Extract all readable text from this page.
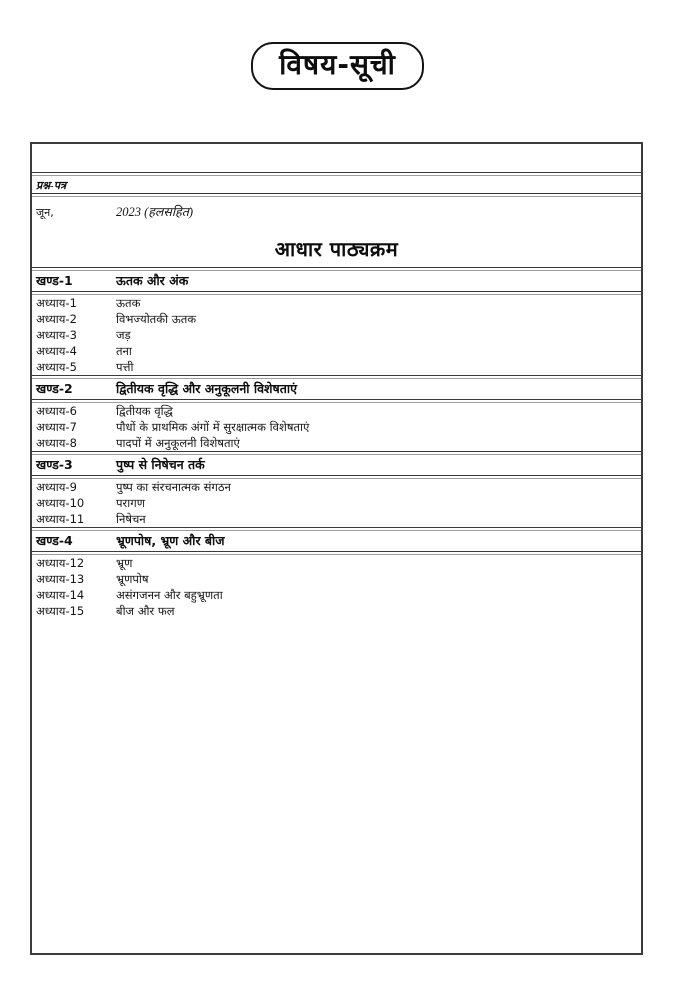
विषय-सूची
प्रश्न-पत्र
जून,	2023 (हलसहित)
आधार पाठ्यक्रम
खण्ड-1	ऊतक और अंक
अध्याय-1	ऊतक
अध्याय-2	विभज्योतकी ऊतक
अध्याय-3	जड़
अध्याय-4	तना
अध्याय-5	पत्ती
खण्ड-2	द्वितीयक वृद्धि और अनुकूलनी विशेषताएं
अध्याय-6	द्वितीयक वृद्धि
अध्याय-7	पौधों के प्राथमिक अंगों में सुरक्षात्मक विशेषताएं
अध्याय-8	पादपों में अनुकूलनी विशेषताएं
खण्ड-3	पुष्प से निषेचन तर्क
अध्याय-9	पुष्प का संरचनात्मक संगठन
अध्याय-10	परागण
अध्याय-11	निषेचन
खण्ड-4	भ्रूणपोष, भ्रूण और बीज
अध्याय-12	भ्रूण
अध्याय-13	भ्रूणपोष
अध्याय-14	असंगजनन और बहुभ्रूणता
अध्याय-15	बीज और फल
